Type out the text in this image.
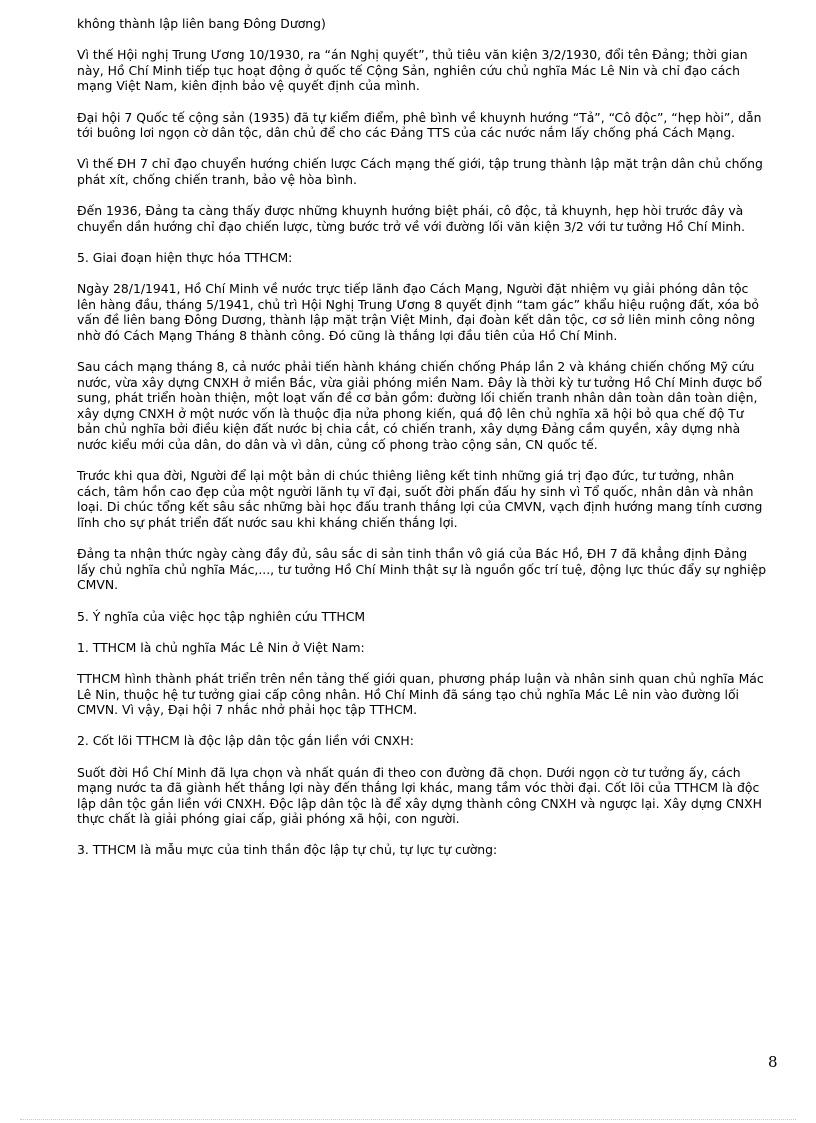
không thành lập liên bang Đông Dương)

Vì thế Hội nghị Trung Ương 10/1930, ra “án Nghị quyết”, thủ tiêu văn kiện 3/2/1930, đổi tên Đảng; thời gian này, Hồ Chí Minh tiếp tục hoạt động ở quốc tế Cộng Sản, nghiên cứu chủ nghĩa Mác Lê Nin và chỉ đạo cách mạng Việt Nam, kiên định bảo vệ quyết định của mình.

Đại hội 7 Quốc tế cộng sản (1935) đã tự kiểm điểm, phê bình về khuynh hướng “Tả”, “Cô độc”, “hẹp hòi”, dẫn tới buông lơi ngọn cờ dân tộc, dân chủ để cho các Đảng TTS của các nước nắm lấy chống phá Cách Mạng.

Vì thế ĐH 7 chỉ đạo chuyển hướng chiến lược Cách mạng thế giới, tập trung thành lập mặt trận dân chủ chống phát xít, chống chiến tranh, bảo vệ hòa bình.

Đến 1936, Đảng ta càng thấy được những khuynh hướng biệt phái, cô độc, tả khuynh, hẹp hòi trước đây và chuyển dần hướng chỉ đạo chiến lược, từng bước trở về với đường lối văn kiện 3/2 với tư tưởng Hồ Chí Minh.

5. Giai đoạn hiện thực hóa TTHCM:

Ngày 28/1/1941, Hồ Chí Minh về nước trực tiếp lãnh đạo Cách Mạng, Người đặt nhiệm vụ giải phóng dân tộc lên hàng đầu, tháng 5/1941, chủ trì Hội Nghị Trung Ương 8 quyết định “tam gác” khẩu hiệu ruộng đất, xóa bỏ vấn đề liên bang Đông Dương, thành lập mặt trận Việt Minh, đại đoàn kết dân tộc, cơ sở liên minh công nông nhờ đó Cách Mạng Tháng 8 thành công. Đó cũng là thắng lợi đầu tiên của Hồ Chí Minh.

Sau cách mạng tháng 8, cả nước phải tiến hành kháng chiến chống Pháp lần 2 và kháng chiến chống Mỹ cứu nước, vừa xây dựng CNXH ở miền Bắc, vừa giải phóng miền Nam. Đây là thời kỳ tư tưởng Hồ Chí Minh được bổ sung, phát triển hoàn thiện, một loạt vấn đề cơ bản gồm: đường lối chiến tranh nhân dân toàn dân toàn diện, xây dựng CNXH ở một nước vốn là thuộc địa nửa phong kiến, quá độ lên chủ nghĩa xã hội bỏ qua chế độ Tư bản chủ nghĩa bởi điều kiện đất nước bị chia cắt, có chiến tranh, xây dựng Đảng cầm quyền, xây dựng nhà nước kiểu mới của dân, do dân và vì dân, củng cố phong trào cộng sản, CN quốc tế.

Trước khi qua đời, Người để lại một bản di chúc thiêng liêng kết tinh những giá trị đạo đức, tư tưởng, nhân cách, tâm hồn cao đẹp của một người lãnh tụ vĩ đại, suốt đời phấn đấu hy sinh vì Tổ quốc, nhân dân và nhân loại. Di chúc tổng kết sâu sắc những bài học đấu tranh thắng lợi của CMVN, vạch định hướng mang tính cương lĩnh cho sự phát triển đất nước sau khi kháng chiến thắng lợi.

Đảng ta nhận thức ngày càng đầy đủ, sâu sắc di sản tinh thần vô giá của Bác Hồ, ĐH 7 đã khẳng định Đảng lấy chủ nghĩa chủ nghĩa Mác,..., tư tưởng Hồ Chí Minh thật sự là nguồn gốc trí tuệ, động lực thúc đẩy sự nghiệp CMVN.

5. Ý nghĩa của việc học tập nghiên cứu TTHCM

1. TTHCM là chủ nghĩa Mác Lê Nin ở Việt Nam:

TTHCM hình thành phát triển trên nền tảng thế giới quan, phương pháp luận và nhân sinh quan chủ nghĩa Mác Lê Nin, thuộc hệ tư tưởng giai cấp công nhân. Hồ Chí Minh đã sáng tạo chủ nghĩa Mác Lê nin vào đường lối CMVN. Vì vậy, Đại hội 7 nhắc nhở phải học tập TTHCM.

2. Cốt lõi TTHCM là độc lập dân tộc gắn liền với CNXH:

Suốt đời Hồ Chí Minh đã lựa chọn và nhất quán đi theo con đường đã chọn. Dưới ngọn cờ tư tưởng ấy, cách mạng nước ta đã giành hết thắng lợi này đến thắng lợi khác, mang tầm vóc thời đại. Cốt lõi của TTHCM là độc lập dân tộc gắn liền với CNXH. Độc lập dân tộc là để xây dựng thành công CNXH và ngược lại. Xây dựng CNXH thực chất là giải phóng giai cấp, giải phóng xã hội, con người.

3. TTHCM là mẫu mực của tinh thần độc lập tự chủ, tự lực tự cường:

8
